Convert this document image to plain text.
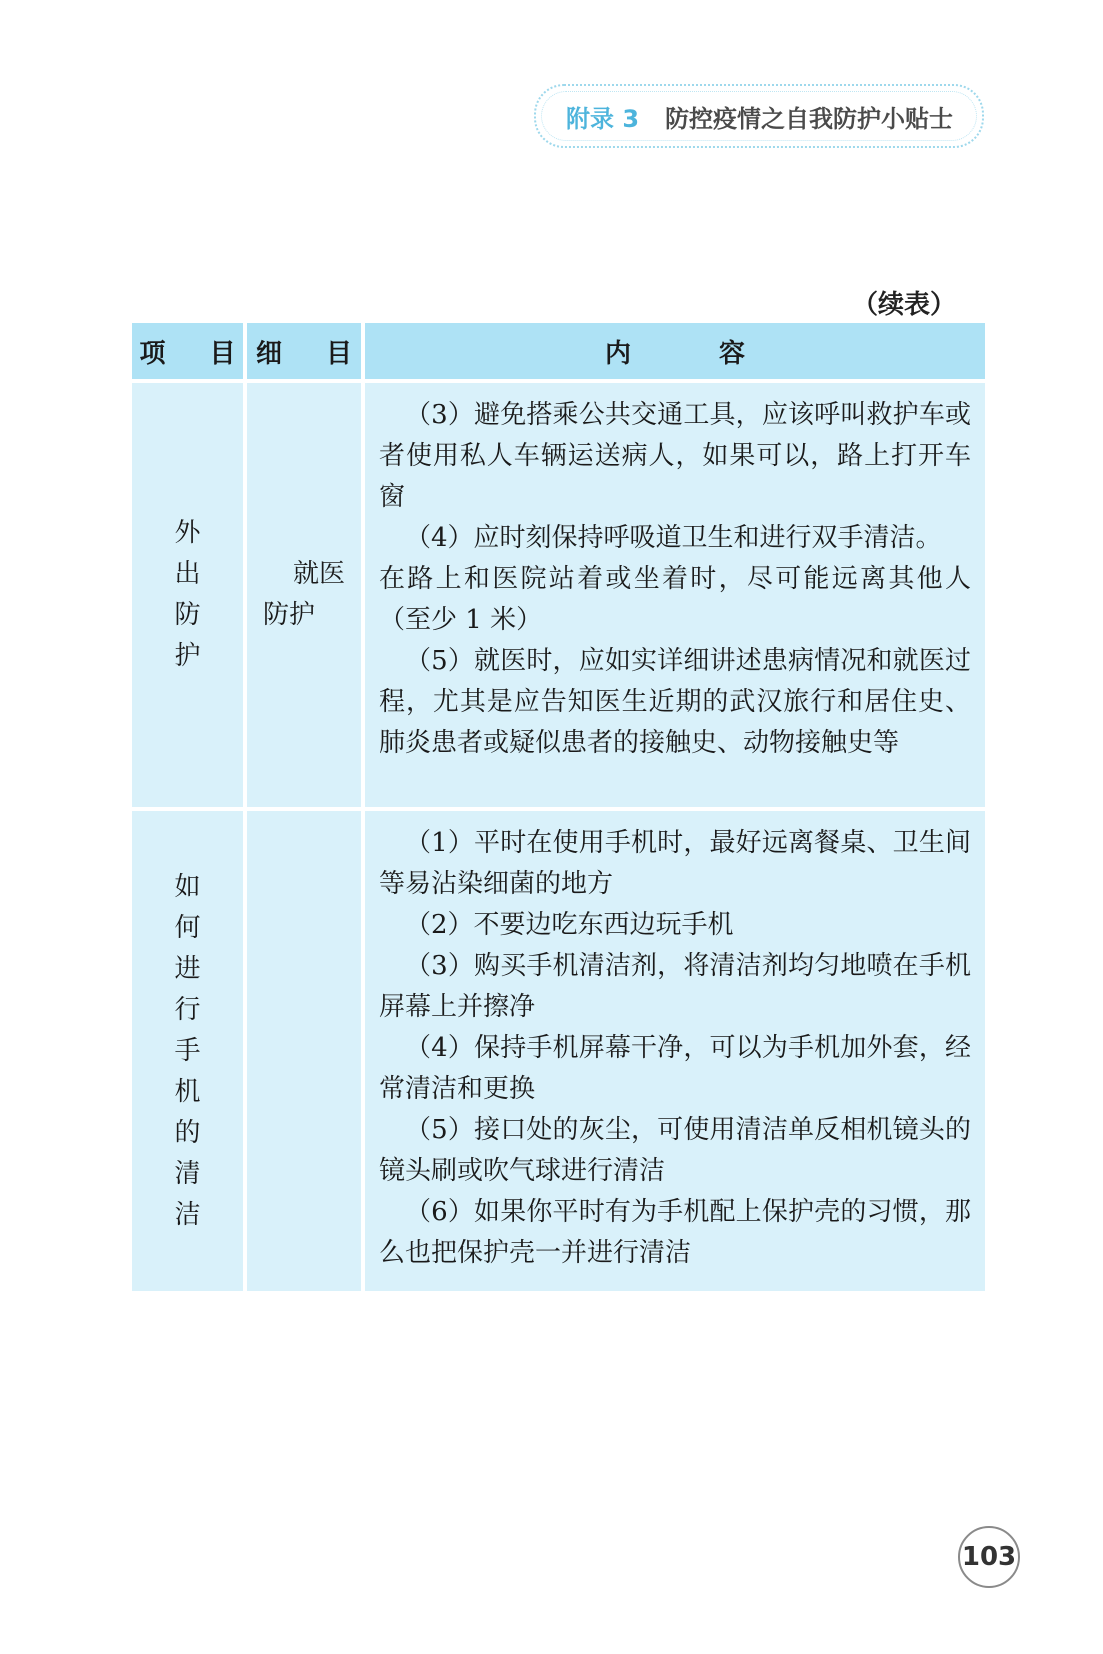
附录 3 防控疫情之自我防护小贴士
（续表）
项 目 细 目	内	容
外
出
防
护
就医
防护

（3）避免搭乘公共交通工具，应该呼叫救护车或者使用私人车辆运送病人，如果可以，路上打开车窗

（4）应时刻保持呼吸道卫生和进行双手清洁。

在路上和医院站着或坐着时，尽可能远离其他人（至少 1 米）

（5）就医时，应如实详细讲述患病情况和就医过程，尤其是应告知医生近期的武汉旅行和居住史、肺炎患者或疑似患者的接触史、动物接触史等

如
何
进
行
手
机
的
清
洁

（1）平时在使用手机时，最好远离餐桌、卫生间等易沾染细菌的地方

（2）不要边吃东西边玩手机

（3）购买手机清洁剂，将清洁剂均匀地喷在手机屏幕上并擦净

（4）保持手机屏幕干净，可以为手机加外套，经常清洁和更换

（5）接口处的灰尘，可使用清洁单反相机镜头的镜头刷或吹气球进行清洁

（6）如果你平时有为手机配上保护壳的习惯，那么也把保护壳一并进行清洁

103
